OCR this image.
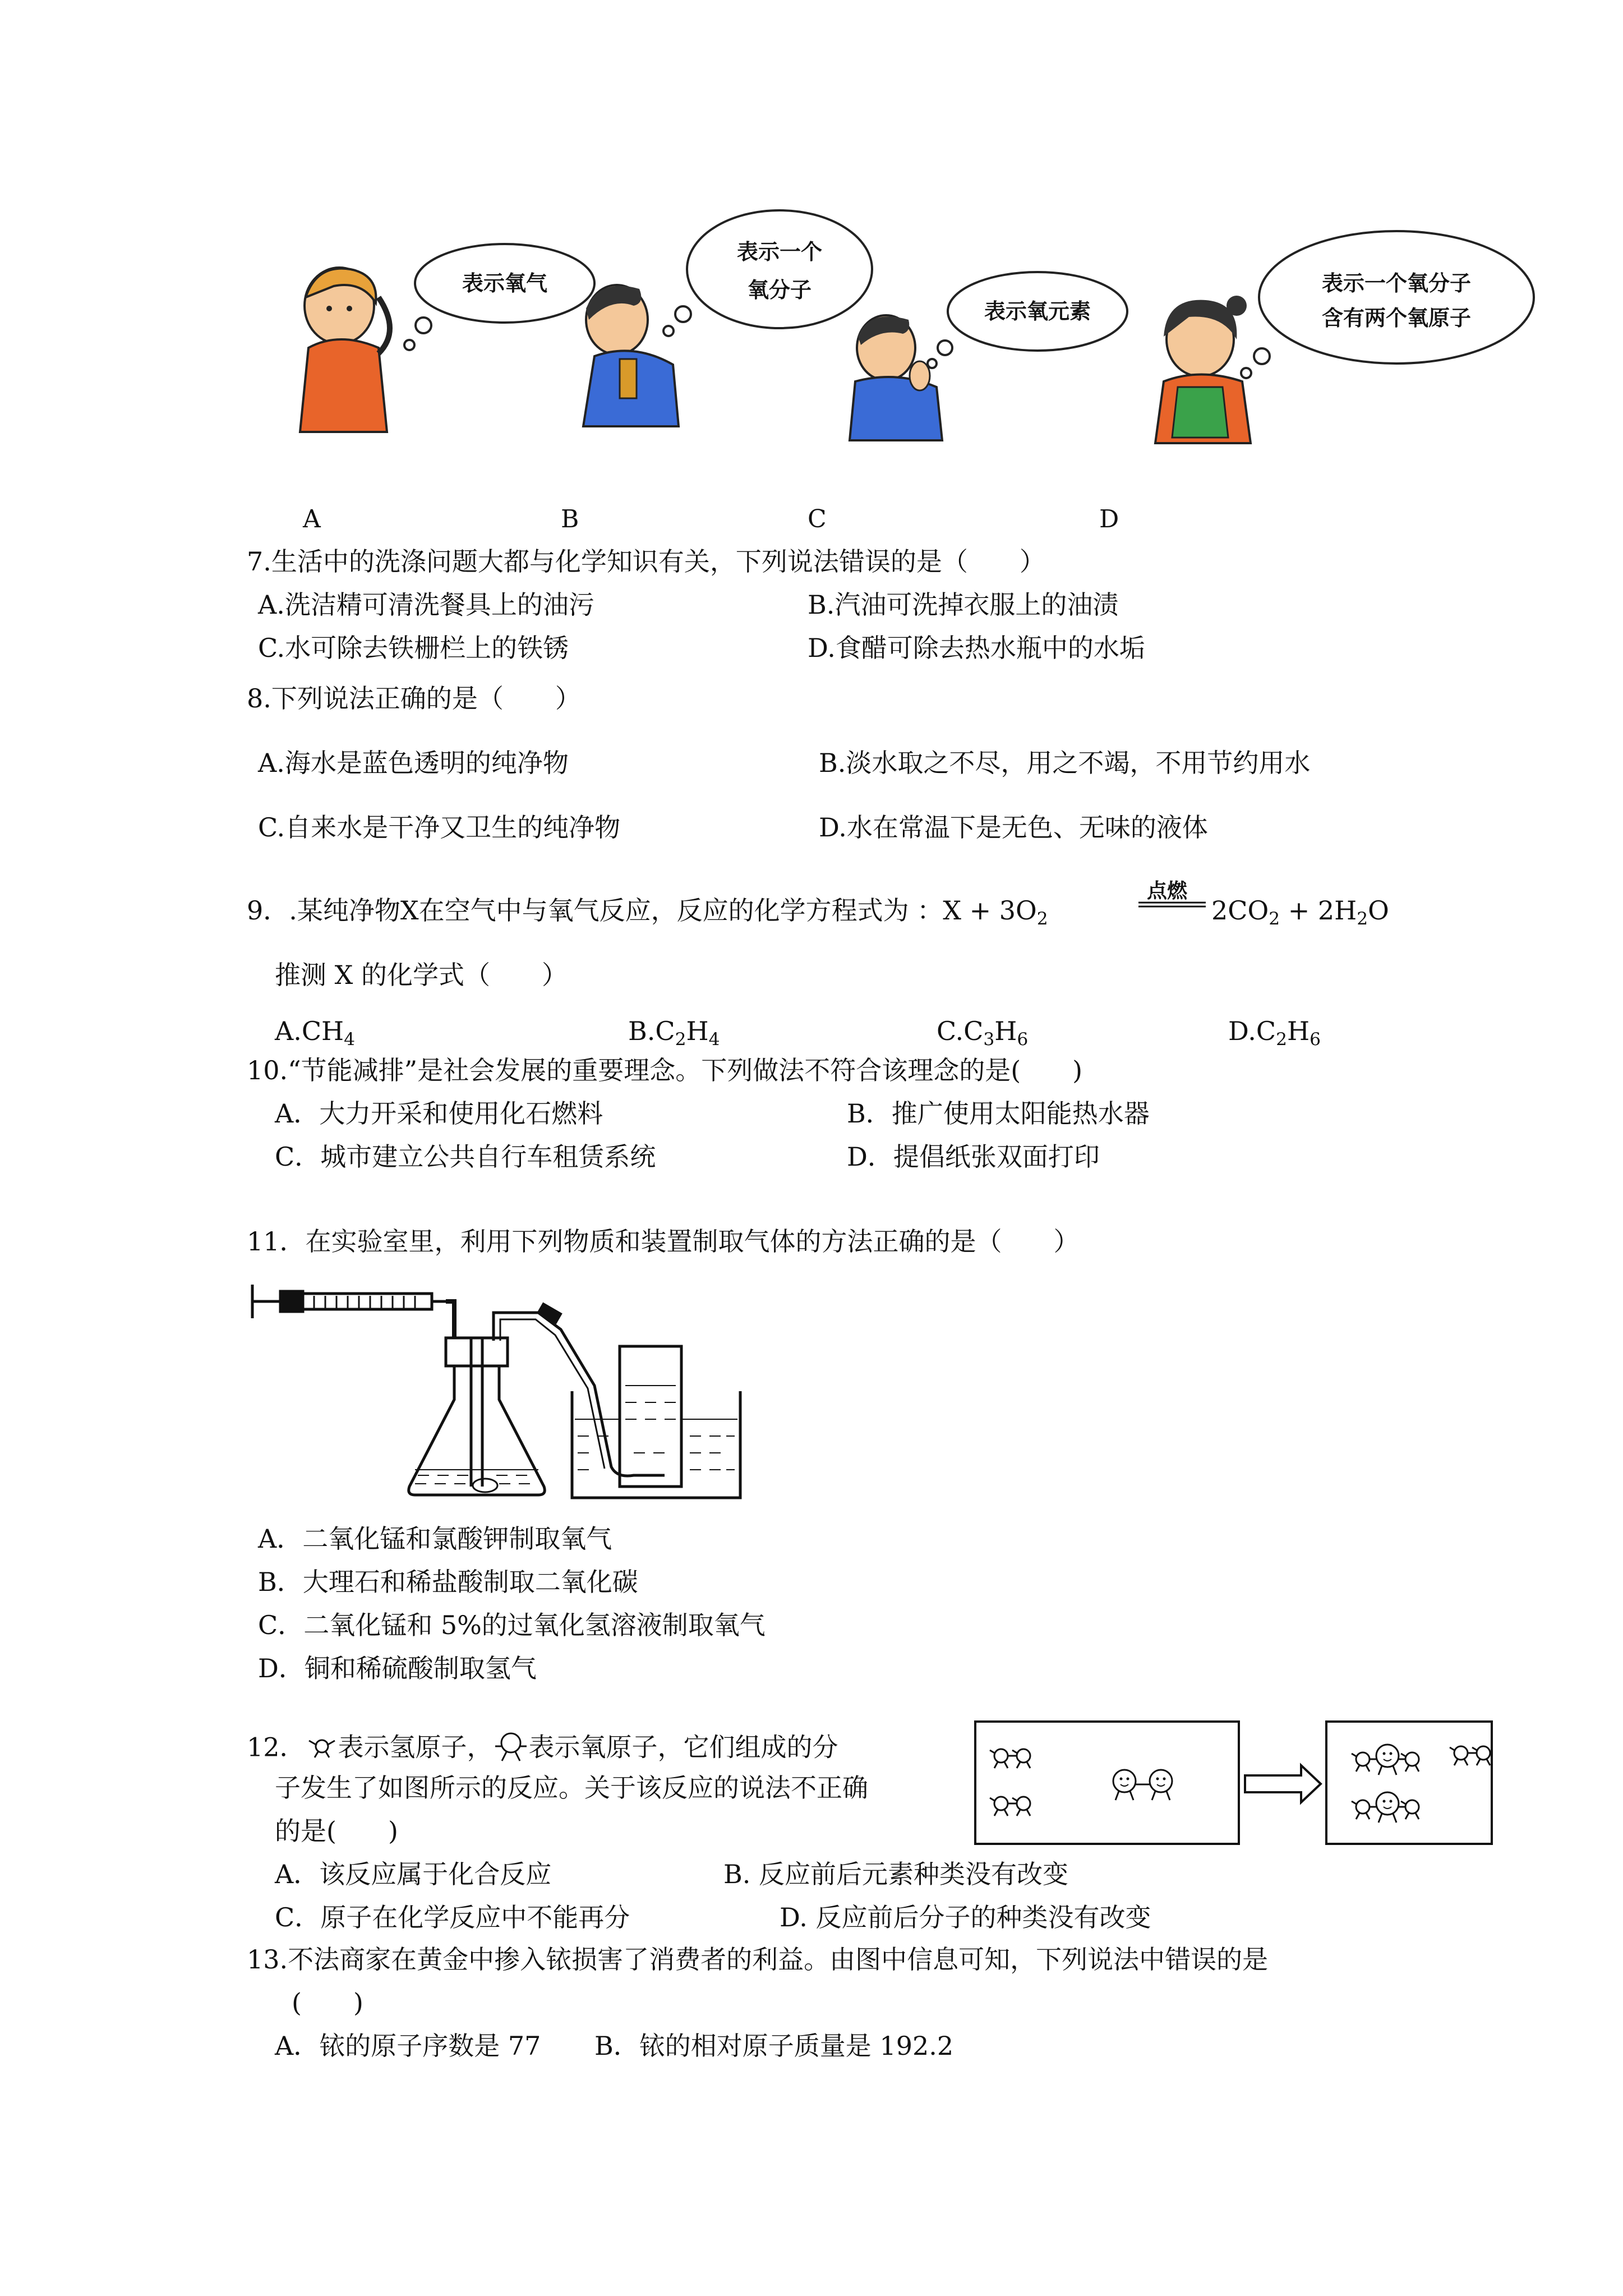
表示氧气
表示一个
氧分子
表示氧元素
表示一个氧分子
含有两个氧原子
A	B	C	D
7.生活中的洗涤问题大都与化学知识有关，下列说法错误的是（　　）
A.洗洁精可清洗餐具上的油污	B.汽油可洗掉衣服上的油渍
C.水可除去铁栅栏上的铁锈	D.食醋可除去热水瓶中的水垢
8.下列说法正确的是（　　）
A.海水是蓝色透明的纯净物	B.淡水取之不尽，用之不竭，不用节约用水
C.自来水是干净又卫生的纯净物	D.水在常温下是无色、无味的液体
9．.某纯净物X在空气中与氧气反应，反应的化学方程式为 ：$X + 3O_2$
点燃
$2CO_2 + 2H_2O$
推测 X 的化学式（　　）
$A.CH_4$	$B.C_2H_4$	$C.C_3H_6$	$D.C_2H_6$
10.“节能减排”是社会发展的重要理念。下列做法不符合该理念的是(　　)
A．大力开采和使用化石燃料	B．推广使用太阳能热水器
C．城市建立公共自行车租赁系统	D．提倡纸张双面打印
11．在实验室里，利用下列物质和装置制取气体的方法正确的是（　　）
A．二氧化锰和氯酸钾制取氧气
B．大理石和稀盐酸制取二氧化碳
C．二氧化锰和 5%的过氧化氢溶液制取氧气
D．铜和稀硫酸制取氢气
12． 表示氢原子， 表示氧原子，它们组成的分
子发生了如图所示的反应。关于该反应的说法不正确
的是(　　)
A．该反应属于化合反应	B. 反应前后元素种类没有改变
C．原子在化学反应中不能再分	D. 反应前后分子的种类没有改变
13.不法商家在黄金中掺入铱损害了消费者的利益。由图中信息可知，下列说法中错误的是
(　　)
A．铱的原子序数是 77 B．铱的相对原子质量是 192.2
